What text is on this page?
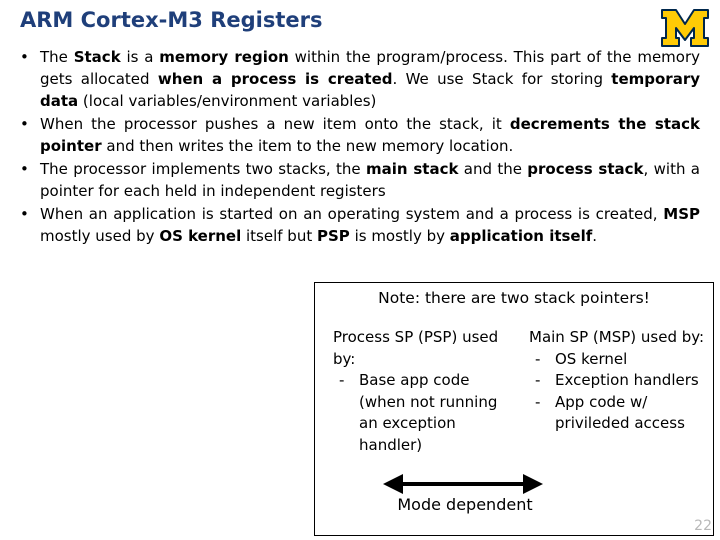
ARM Cortex-M3 Registers
• The Stack is a memory region within the program/process. This part of the memory gets allocated when a process is created. We use Stack for storing temporary data (local variables/environment variables)
• When the processor pushes a new item onto the stack, it decrements the stack pointer and then writes the item to the new memory location.
• The processor implements two stacks, the main stack and the process stack, with a pointer for each held in independent registers
• When an application is started on an operating system and a process is created, MSP mostly used by OS kernel itself but PSP is mostly by application itself.
Note: there are two stack pointers!

Process SP (PSP) used by:

- Base app code (when not running an exception handler)

Main SP (MSP) used by:

- OS kernel
- Exception handlers
- App code w/ privileded access
Mode dependent
22
